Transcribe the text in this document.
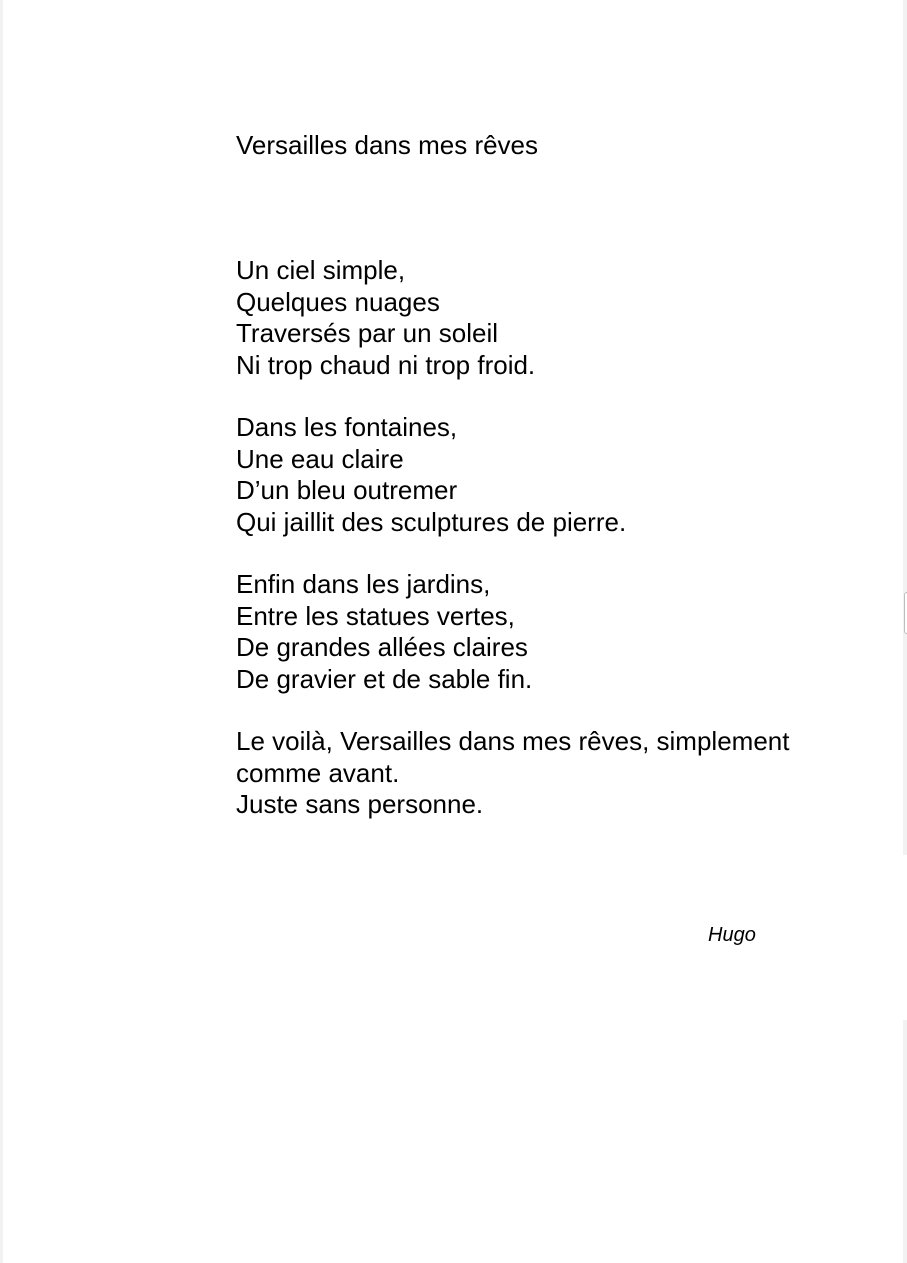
Versailles dans mes rêves
Un ciel simple,
Quelques nuages
Traversés par un soleil
Ni trop chaud ni trop froid.
Dans les fontaines,
Une eau claire
D’un bleu outremer
Qui jaillit des sculptures de pierre.
Enfin dans les jardins,
Entre les statues vertes,
De grandes allées claires
De gravier et de sable fin.
Le voilà, Versailles dans mes rêves, simplement
comme avant.
Juste sans personne.
Hugo
